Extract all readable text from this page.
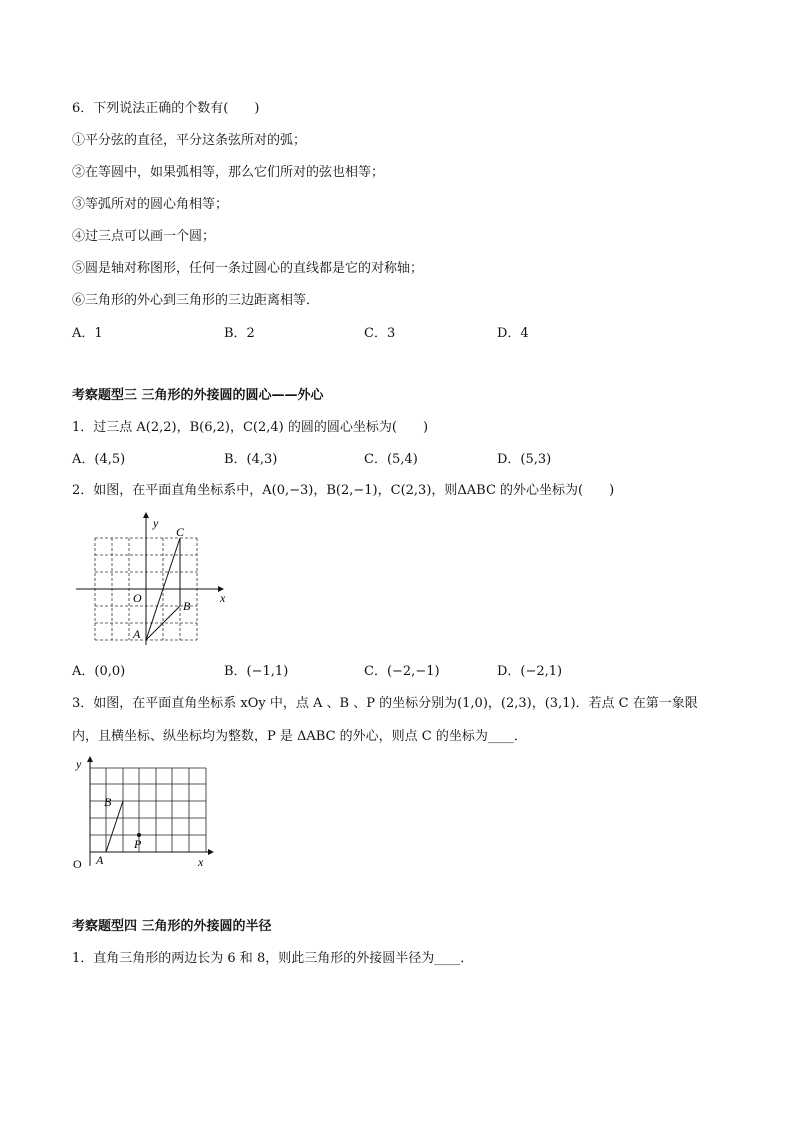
6．下列说法正确的个数有(　　)
①平分弦的直径，平分这条弦所对的弧；
②在等圆中，如果弧相等，那么它们所对的弦也相等；
③等弧所对的圆心角相等；
④过三点可以画一个圆；
⑤圆是轴对称图形，任何一条过圆心的直线都是它的对称轴；
⑥三角形的外心到三角形的三边距离相等．
A．1	B．2	C．3	D．4
考察题型三 三角形的外接圆的圆心——外心
1．过三点 A(2,2)，B(6,2)，C(2,4) 的圆的圆心坐标为(　　)
A．(4,5)	B．(4,3)	C．(5,4)	D．(5,3)
2．如图，在平面直角坐标系中，A(0,−3)，B(2,−1)，C(2,3)，则ΔABC 的外心坐标为(　　)
y
x
O
A
B
C
A．(0,0)	B．(−1,1)	C．(−2,−1)	D．(−2,1)
3．如图，在平面直角坐标系 xOy 中，点 A 、B 、P 的坐标分别为(1,0)，(2,3)，(3,1)．若点 C 在第一象限
内，且横坐标、纵坐标均为整数，P 是 ΔABC 的外心，则点 C 的坐标为____．
y
x
O A
B
P
考察题型四 三角形的外接圆的半径
1．直角三角形的两边长为 6 和 8，则此三角形的外接圆半径为____．
